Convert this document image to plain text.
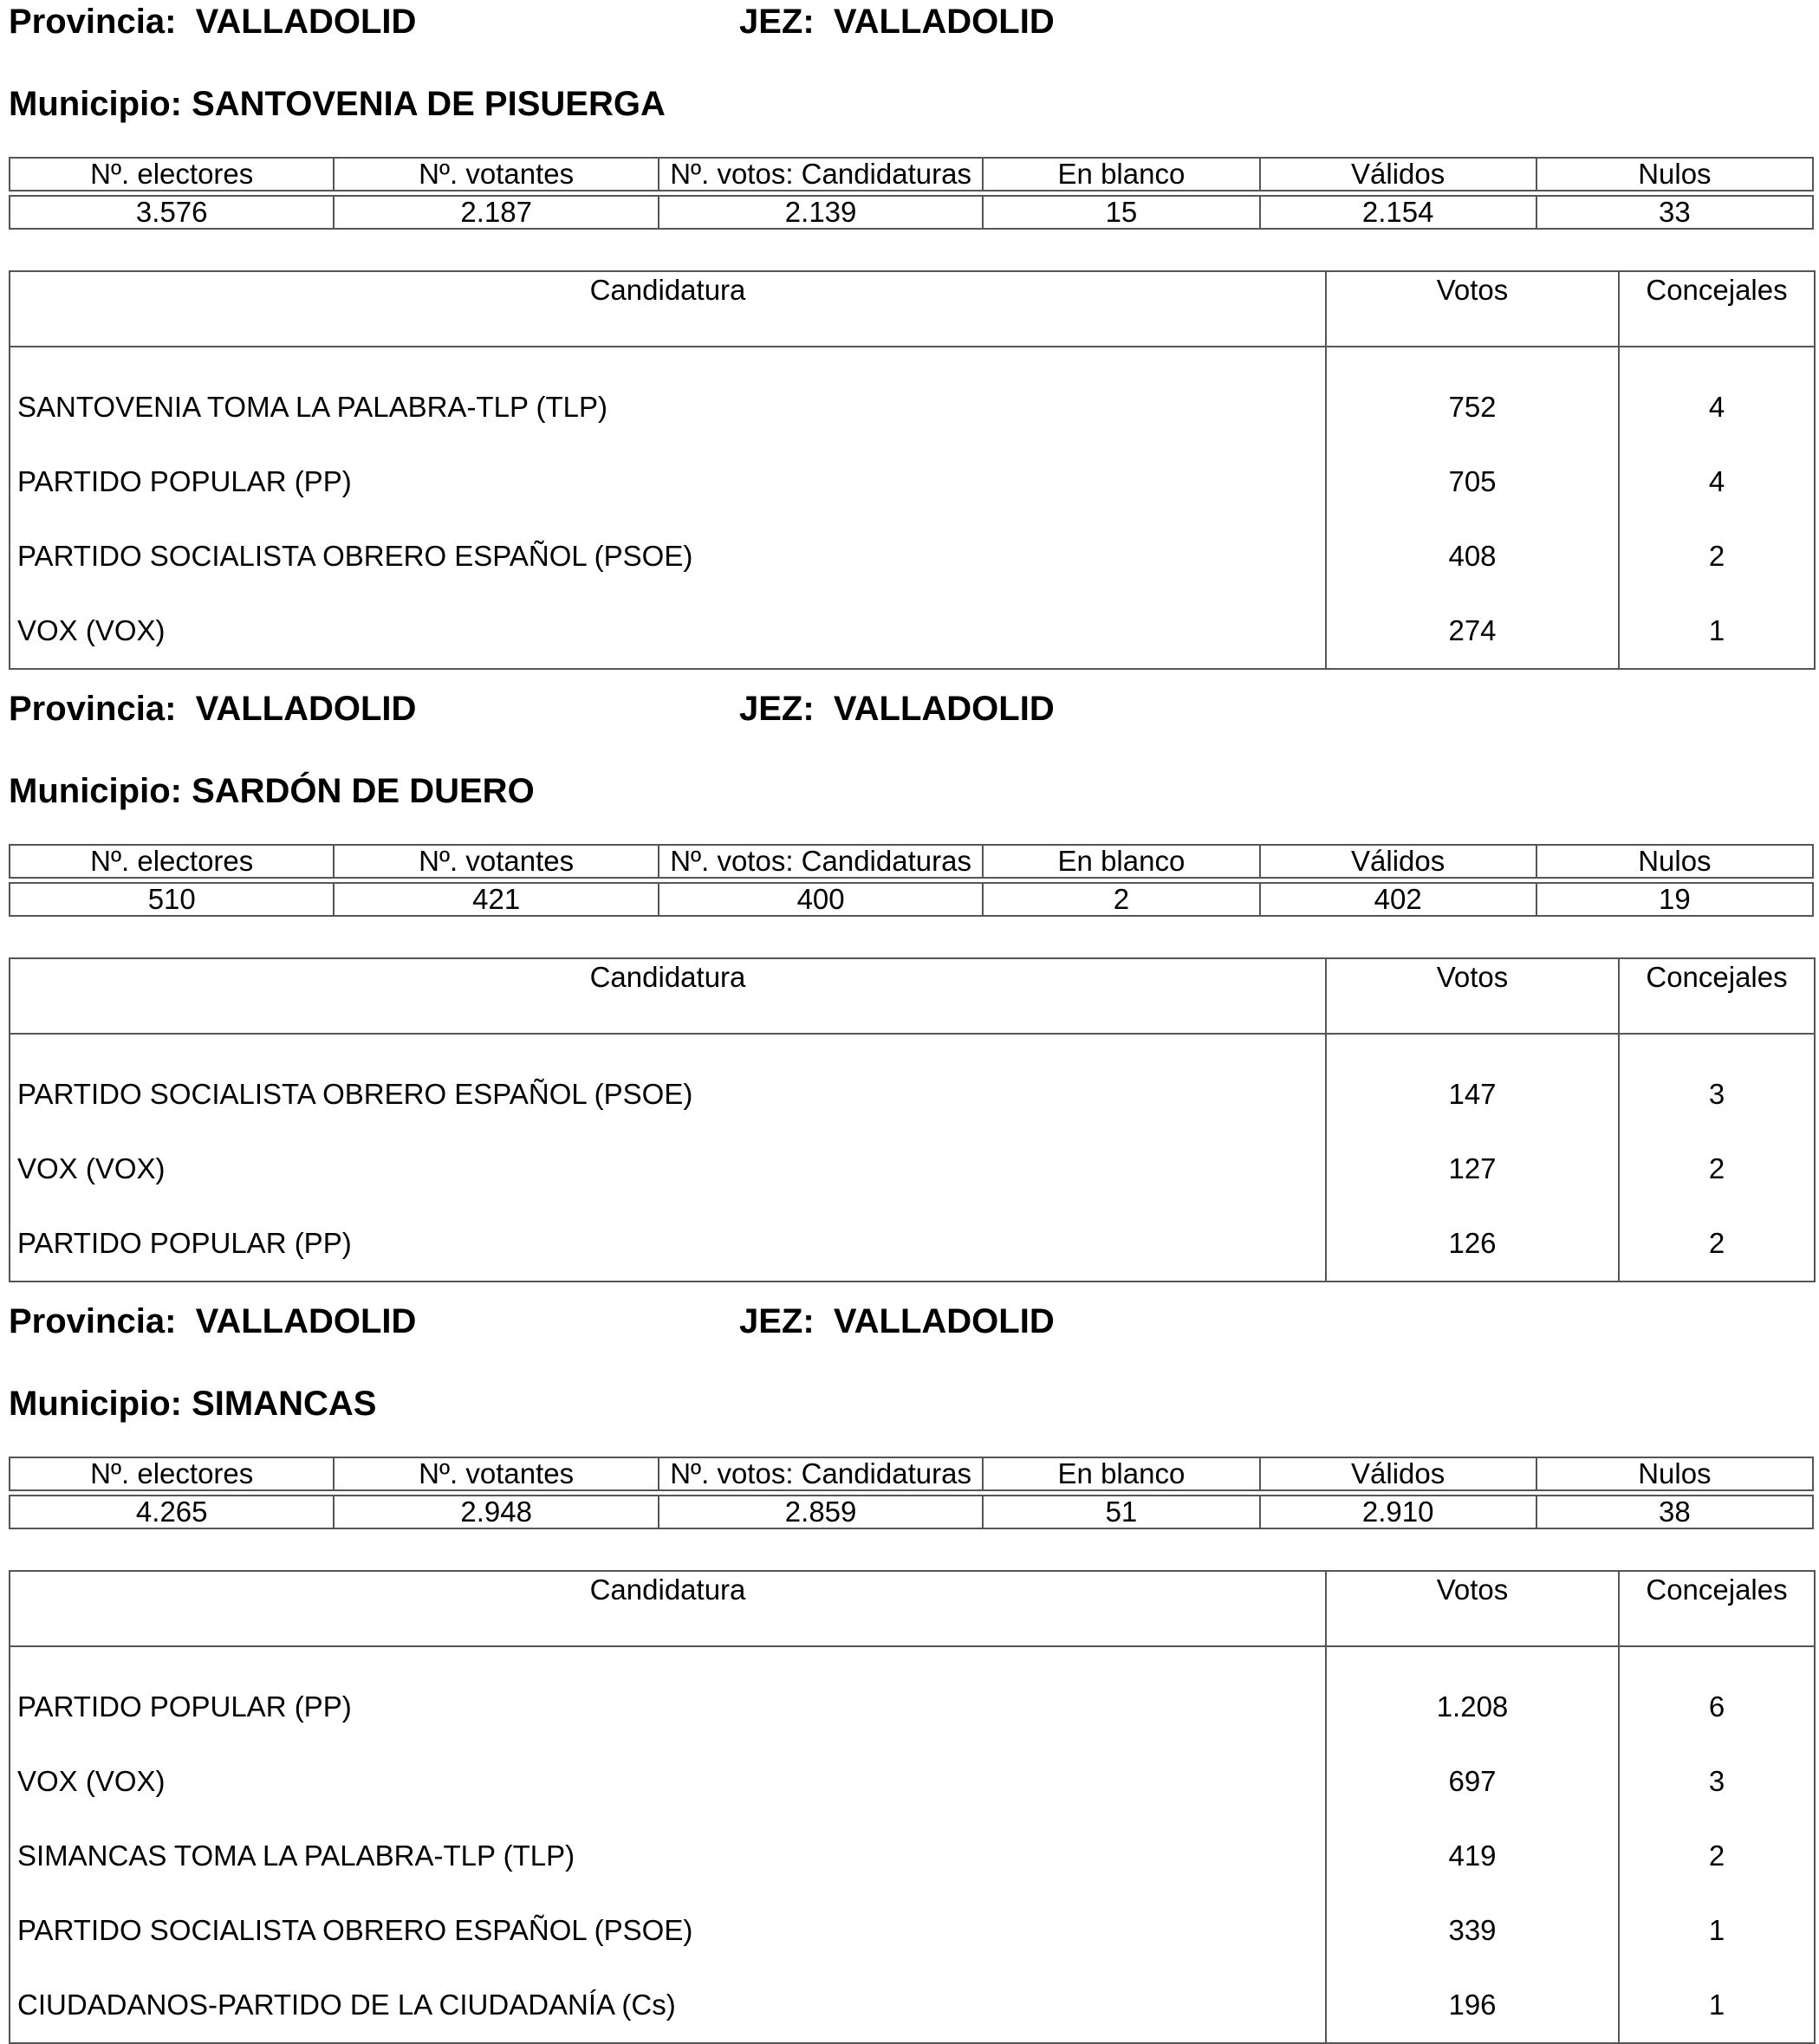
Provincia: VALLADOLID	JEZ: VALLADOLID
Municipio: SANTOVENIA DE PISUERGA
Nº. electores	Nº. votantes	Nº. votos: Candidaturas	En blanco	Válidos	Nulos

3.576	2.187	2.139	15	2.154	33
Candidatura	Votos	Concejales
SANTOVENIA TOMA LA PALABRA-TLP (TLP)	752	4
PARTIDO POPULAR (PP)	705	4
PARTIDO SOCIALISTA OBRERO ESPAÑOL (PSOE)	408	2
VOX (VOX)	274	1
Provincia: VALLADOLID	JEZ: VALLADOLID
Municipio: SARDÓN DE DUERO
Nº. electores	Nº. votantes	Nº. votos: Candidaturas	En blanco	Válidos	Nulos

510	421	400	2	402	19
Candidatura	Votos	Concejales
PARTIDO SOCIALISTA OBRERO ESPAÑOL (PSOE)	147	3
VOX (VOX)	127	2
PARTIDO POPULAR (PP)	126	2
Provincia: VALLADOLID	JEZ: VALLADOLID
Municipio: SIMANCAS
Nº. electores	Nº. votantes	Nº. votos: Candidaturas	En blanco	Válidos	Nulos

4.265	2.948	2.859	51	2.910	38
Candidatura	Votos	Concejales
PARTIDO POPULAR (PP)	1.208	6
VOX (VOX)	697	3
SIMANCAS TOMA LA PALABRA-TLP (TLP)	419	2
PARTIDO SOCIALISTA OBRERO ESPAÑOL (PSOE)	339	1
CIUDADANOS-PARTIDO DE LA CIUDADANÍA (Cs)	196	1
